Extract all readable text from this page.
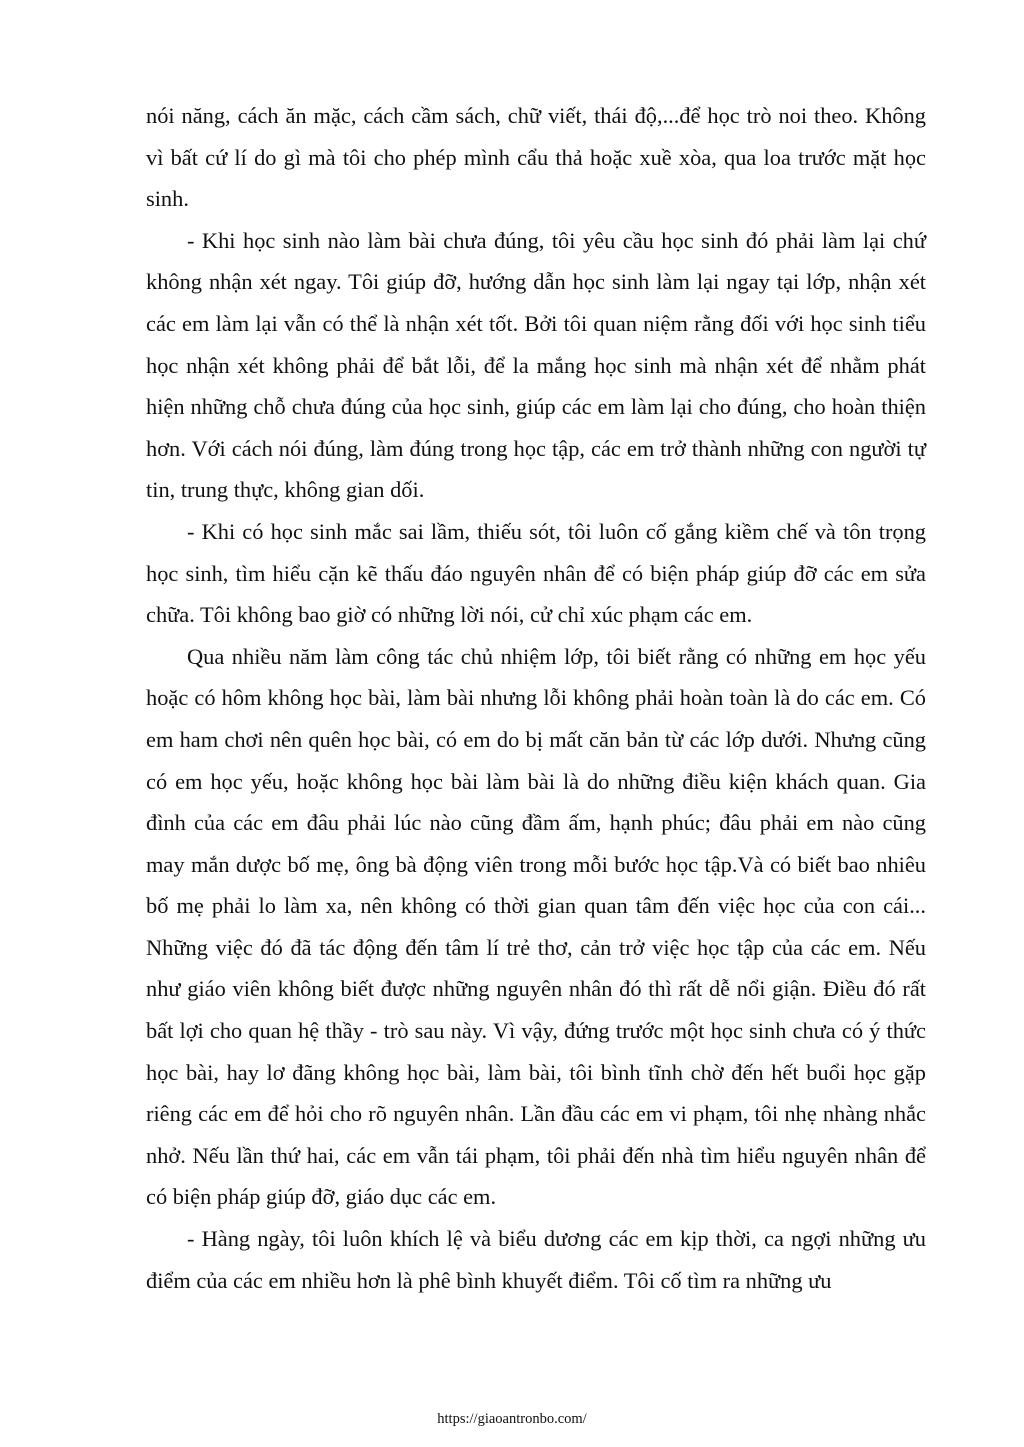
nói năng, cách ăn mặc, cách cầm sách, chữ viết, thái độ,...để học trò noi theo. Không vì bất cứ lí do gì mà tôi cho phép mình cẩu thả hoặc xuề xòa, qua loa trước mặt học sinh.

- Khi học sinh nào làm bài chưa đúng, tôi yêu cầu học sinh đó phải làm lại chứ không nhận xét ngay. Tôi giúp đỡ, hướng dẫn học sinh làm lại ngay tại lớp, nhận xét các em làm lại vẫn có thể là nhận xét tốt. Bởi tôi quan niệm rằng đối với học sinh tiểu học nhận xét không phải để bắt lỗi, để la mắng học sinh mà nhận xét để nhằm phát hiện những chỗ chưa đúng của học sinh, giúp các em làm lại cho đúng, cho hoàn thiện hơn. Với cách nói đúng, làm đúng trong học tập, các em trở thành những con người tự tin, trung thực, không gian dối.

- Khi có học sinh mắc sai lầm, thiếu sót, tôi luôn cố gắng kiềm chế và tôn trọng học sinh, tìm hiểu cặn kẽ thấu đáo nguyên nhân để có biện pháp giúp đỡ các em sửa chữa. Tôi không bao giờ có những lời nói, cử chỉ xúc phạm các em.

Qua nhiều năm làm công tác chủ nhiệm lớp, tôi biết rằng có những em học yếu hoặc có hôm không học bài, làm bài nhưng lỗi không phải hoàn toàn là do các em. Có em ham chơi nên quên học bài, có em do bị mất căn bản từ các lớp dưới. Nhưng cũng có em học yếu, hoặc không học bài làm bài là do những điều kiện khách quan. Gia đình của các em đâu phải lúc nào cũng đầm ấm, hạnh phúc; đâu phải em nào cũng may mắn dược bố mẹ, ông bà động viên trong mỗi bước học tập.Và có biết bao nhiêu bố mẹ phải lo làm xa, nên không có thời gian quan tâm đến việc học của con cái... Những việc đó đã tác động đến tâm lí trẻ thơ, cản trở việc học tập của các em. Nếu như giáo viên không biết được những nguyên nhân đó thì rất dễ nổi giận. Điều đó rất bất lợi cho quan hệ thầy - trò sau này. Vì vậy, đứng trước một học sinh chưa có ý thức học bài, hay lơ đãng không học bài, làm bài, tôi bình tĩnh chờ đến hết buổi học gặp riêng các em để hỏi cho rõ nguyên nhân. Lần đầu các em vi phạm, tôi nhẹ nhàng nhắc nhở. Nếu lần thứ hai, các em vẫn tái phạm, tôi phải đến nhà tìm hiểu nguyên nhân để có biện pháp giúp đỡ, giáo dục các em.

- Hàng ngày, tôi luôn khích lệ và biểu dương các em kịp thời, ca ngợi những ưu điểm của các em nhiều hơn là phê bình khuyết điểm. Tôi cố tìm ra những ưu

https://giaoantronbo.com/
